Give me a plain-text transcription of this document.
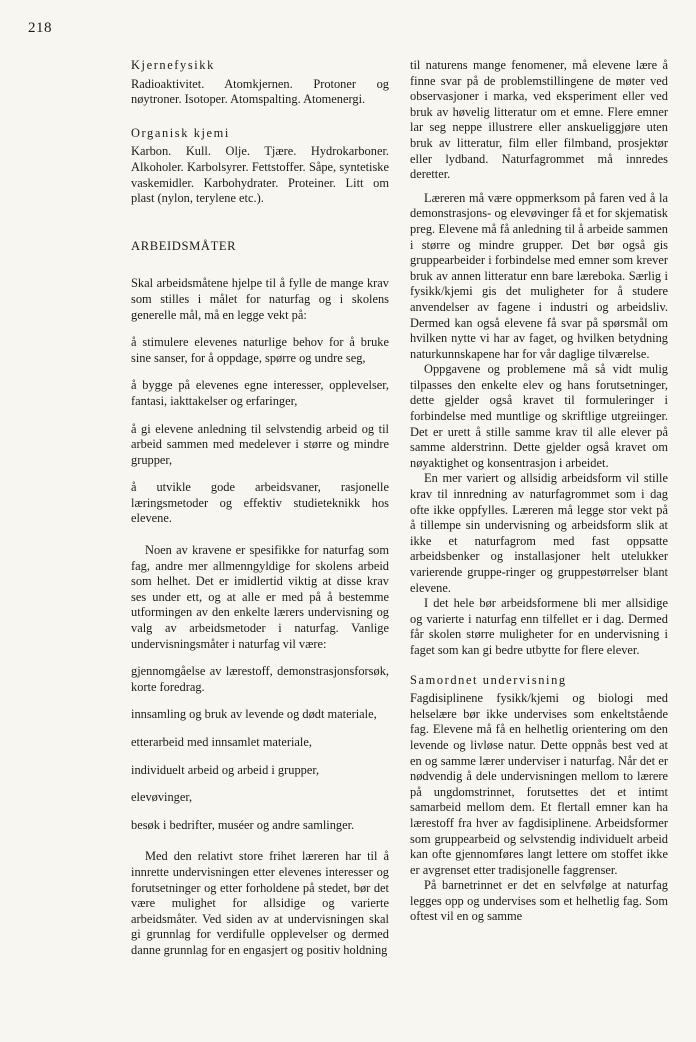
218

Kjernefysikk

Radioaktivitet. Atomkjernen. Protoner og nøytroner. Isotoper. Atomspalting. Atomenergi.

Organisk kjemi

Karbon. Kull. Olje. Tjære. Hydrokarboner. Alkoholer. Karbolsyrer. Fettstoffer. Såpe, syntetiske vaskemidler. Karbohydrater. Proteiner. Litt om plast (nylon, terylene etc.).

ARBEIDSMÅTER

Skal arbeidsmåtene hjelpe til å fylle de mange krav som stilles i målet for naturfag og i skolens generelle mål, må en legge vekt på:

å stimulere elevenes naturlige behov for å bruke sine sanser, for å oppdage, spørre og undre seg,

å bygge på elevenes egne interesser, opplevelser, fantasi, iakttakelser og erfaringer,

å gi elevene anledning til selvstendig arbeid og til arbeid sammen med medelever i større og mindre grupper,

å utvikle gode arbeidsvaner, rasjonelle læringsmetoder og effektiv studieteknikk hos elevene.

Noen av kravene er spesifikke for naturfag som fag, andre mer allmenngyldige for skolens arbeid som helhet. Det er imidlertid viktig at disse krav ses under ett, og at alle er med på å bestemme utformingen av den enkelte lærers undervisning og valg av arbeidsmetoder i naturfag. Vanlige undervisningsmåter i naturfag vil være:

gjennomgåelse av lærestoff, demonstrasjonsforsøk, korte foredrag.

innsamling og bruk av levende og dødt materiale,

etterarbeid med innsamlet materiale,

individuelt arbeid og arbeid i grupper,

elevøvinger,

besøk i bedrifter, muséer og andre samlinger.

Med den relativt store frihet læreren har til å innrette undervisningen etter elevenes interesser og forutsetninger og etter forholdene på stedet, bør det være mulighet for allsidige og varierte arbeidsmåter. Ved siden av at undervisningen skal gi grunnlag for verdifulle opplevelser og dermed danne grunnlag for en engasjert og positiv holdning

til naturens mange fenomener, må elevene lære å finne svar på de problemstillingene de møter ved observasjoner i marka, ved eksperiment eller ved bruk av høvelig litteratur om et emne. Flere emner lar seg neppe illustrere eller anskueliggjøre uten bruk av litteratur, film eller filmband, prosjektør eller lydband. Naturfagrommet må innredes deretter.

Læreren må være oppmerksom på faren ved å la demonstrasjons- og elevøvinger få et for skjematisk preg. Elevene må få anledning til å arbeide sammen i større og mindre grupper. Det bør også gis gruppearbeider i forbindelse med emner som krever bruk av annen litteratur enn bare læreboka. Særlig i fysikk/kjemi gis det muligheter for å studere anvendelser av fagene i industri og arbeidsliv. Dermed kan også elevene få svar på spørsmål om hvilken nytte vi har av faget, og hvilken betydning naturkunnskapene har for vår daglige tilværelse.

Oppgavene og problemene må så vidt mulig tilpasses den enkelte elev og hans forutsetninger, dette gjelder også kravet til formuleringer i forbindelse med muntlige og skriftlige utgreiinger. Det er urett å stille samme krav til alle elever på samme alderstrinn. Dette gjelder også kravet om nøyaktighet og konsentrasjon i arbeidet.

En mer variert og allsidig arbeidsform vil stille krav til innredning av naturfagrommet som i dag ofte ikke oppfylles. Læreren må legge stor vekt på å tillempe sin undervisning og arbeidsform slik at ikke et naturfagrom med fast oppsatte arbeidsbenker og installasjoner helt utelukker varierende gruppe-ringer og gruppestørrelser blant elevene.

I det hele bør arbeidsformene bli mer allsidige og varierte i naturfag enn tilfellet er i dag. Dermed får skolen større muligheter for en undervisning i faget som kan gi bedre utbytte for flere elever.

Samordnet undervisning

Fagdisiplinene fysikk/kjemi og biologi med helselære bør ikke undervises som enkeltstående fag. Elevene må få en helhetlig orientering om den levende og livløse natur. Dette oppnås best ved at en og samme lærer underviser i naturfag. Når det er nødvendig å dele undervisningen mellom to lærere på ungdomstrinnet, forutsettes det et intimt samarbeid mellom dem. Et flertall emner kan ha lærestoff fra hver av fagdisiplinene. Arbeidsformer som gruppearbeid og selvstendig individuelt arbeid kan ofte gjennomføres langt lettere om stoffet ikke er avgrenset etter tradisjonelle faggrenser.

På barnetrinnet er det en selvfølge at naturfag legges opp og undervises som et helhetlig fag. Som oftest vil en og samme
